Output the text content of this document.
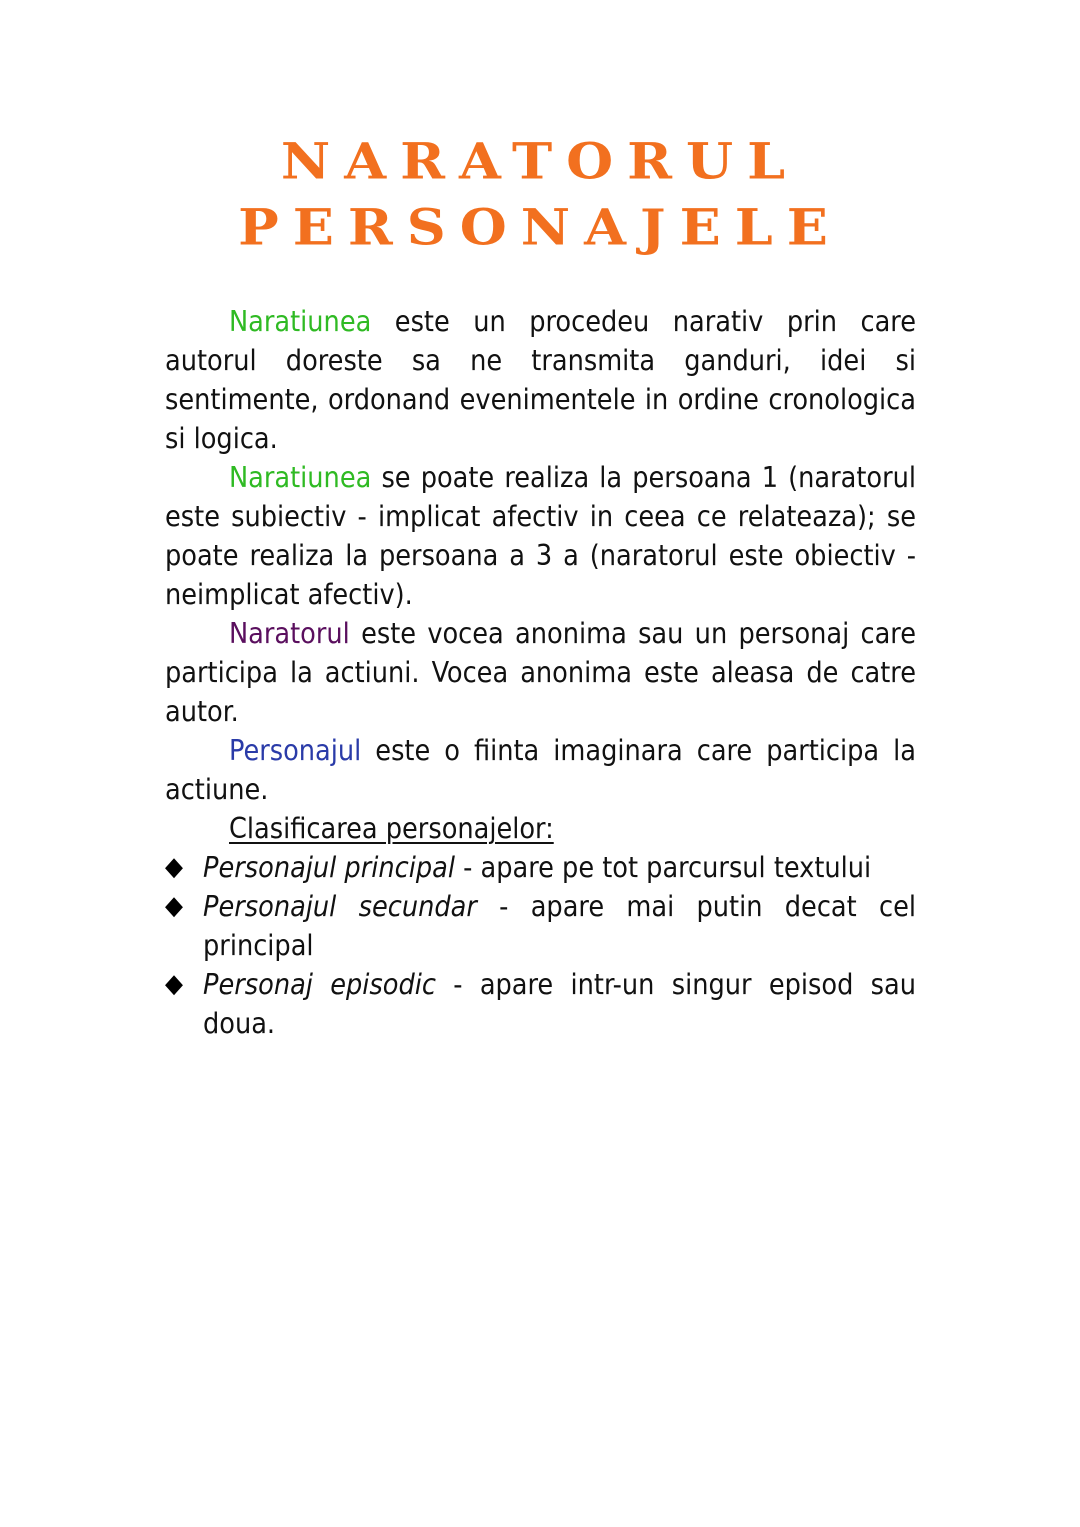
NARATORUL
PERSONAJELE

Naratiunea este un procedeu narativ prin care autorul doreste sa ne transmita ganduri, idei si sentimente, ordonand evenimentele in ordine cronologica si logica.

Naratiunea se poate realiza la persoana 1 (naratorul este subiectiv - implicat afectiv in ceea ce relateaza); se poate realiza la persoana a 3 a (naratorul este obiectiv - neimplicat afectiv).

Naratorul este vocea anonima sau un personaj care participa la actiuni. Vocea anonima este aleasa de catre autor.

Personajul este o fiinta imaginara care participa la actiune.

Clasificarea personajelor:

◆ Personajul principal - apare pe tot parcursul textului
◆ Personajul secundar - apare mai putin decat cel principal
◆ Personaj episodic - apare intr-un singur episod sau doua.
